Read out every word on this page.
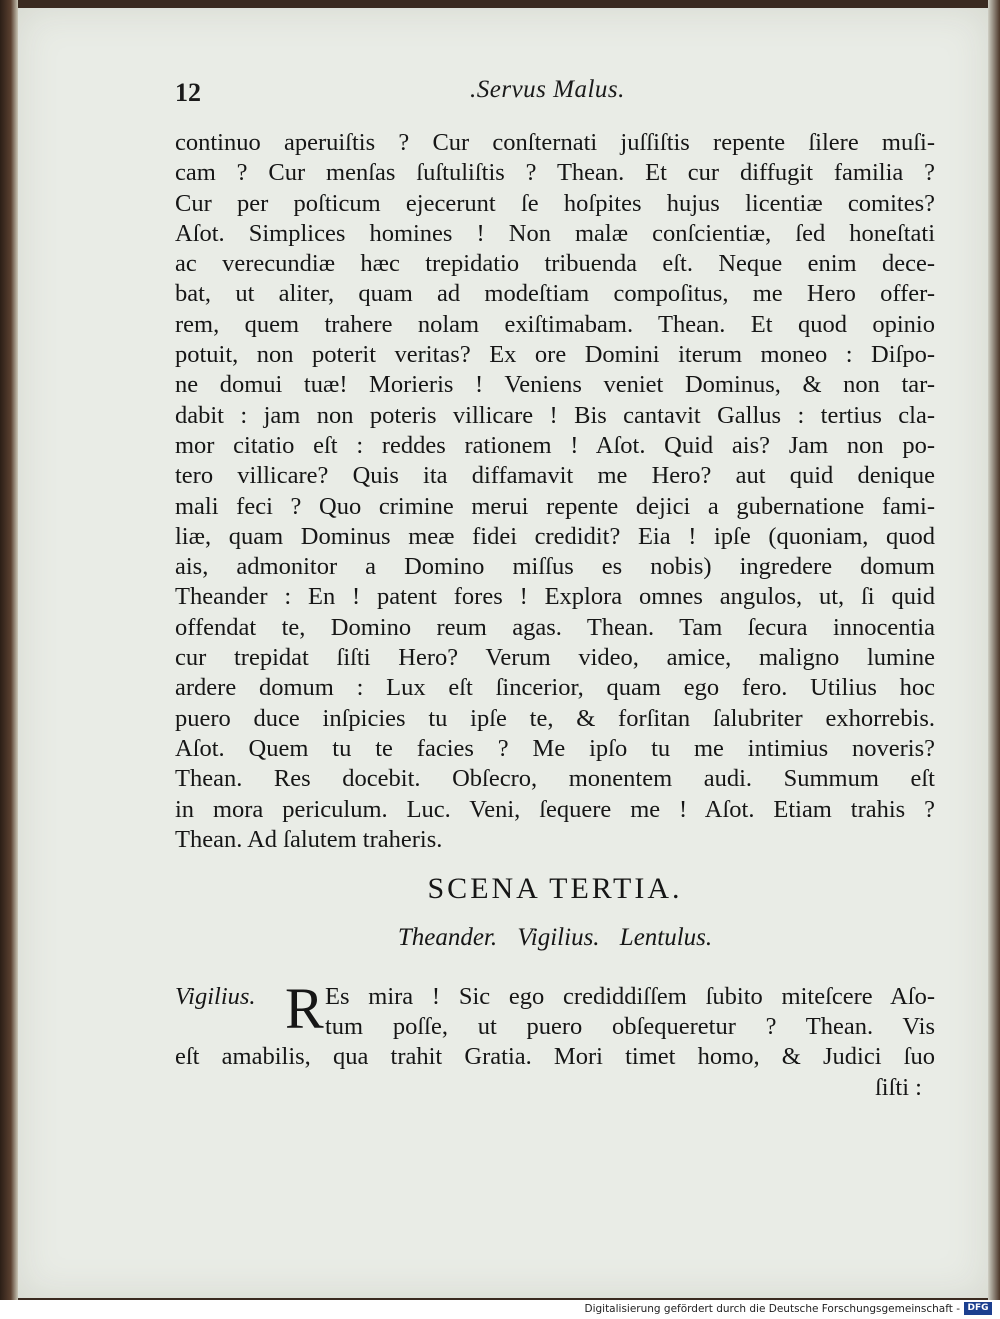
12	.Servus Malus.
continuo aperuiſtis ? Cur conſternati juſſiſtis repente ſilere muſi-
cam ? Cur menſas ſuſtuliſtis ? Thean. Et cur diffugit familia ?
Cur per poſticum ejecerunt ſe hoſpites hujus licentiæ comites?
Aſot. Simplices homines ! Non malæ conſcientiæ, ſed honeſtati
ac verecundiæ hæc trepidatio tribuenda eſt. Neque enim dece-
bat, ut aliter, quam ad modeſtiam compoſitus, me Hero offer-
rem, quem trahere nolam exiſtimabam. Thean. Et quod opinio
potuit, non poterit veritas? Ex ore Domini iterum moneo : Diſpo-
ne domui tuæ! Morieris ! Veniens veniet Dominus, & non tar-
dabit : jam non poteris villicare ! Bis cantavit Gallus : tertius cla-
mor citatio eſt : reddes rationem ! Aſot. Quid ais? Jam non po-
tero villicare? Quis ita diffamavit me Hero? aut quid denique
mali feci ? Quo crimine merui repente dejici a gubernatione fami-
liæ, quam Dominus meæ fidei credidit? Eia ! ipſe (quoniam, quod
ais, admonitor a Domino miſſus es nobis) ingredere domum
Theander : En ! patent fores ! Explora omnes angulos, ut, ſi quid
offendat te, Domino reum agas. Thean. Tam ſecura innocentia
cur trepidat ſiſti Hero? Verum video, amice, maligno lumine
ardere domum : Lux eſt ſincerior, quam ego fero. Utilius hoc
puero duce inſpicies tu ipſe te, & forſitan ſalubriter exhorrebis.
Aſot. Quem tu te facies ? Me ipſo tu me intimius noveris?
Thean. Res docebit. Obſecro, monentem audi. Summum eſt
in mora periculum. Luc. Veni, ſequere me ! Aſot. Etiam trahis ?
Thean. Ad ſalutem traheris.
SCENA TERTIA.
Theander. Vigilius. Lentulus.
Vigilius. R Es mira ! Sic ego crediddiſſem ſubito miteſcere Aſo-
tum poſſe, ut puero obſequeretur ? Thean. Vis
eſt amabilis, qua trahit Gratia. Mori timet homo, & Judici ſuo
ſiſti :
Digitalisierung gefördert durch die Deutsche Forschungsgemeinschaft - DFG
